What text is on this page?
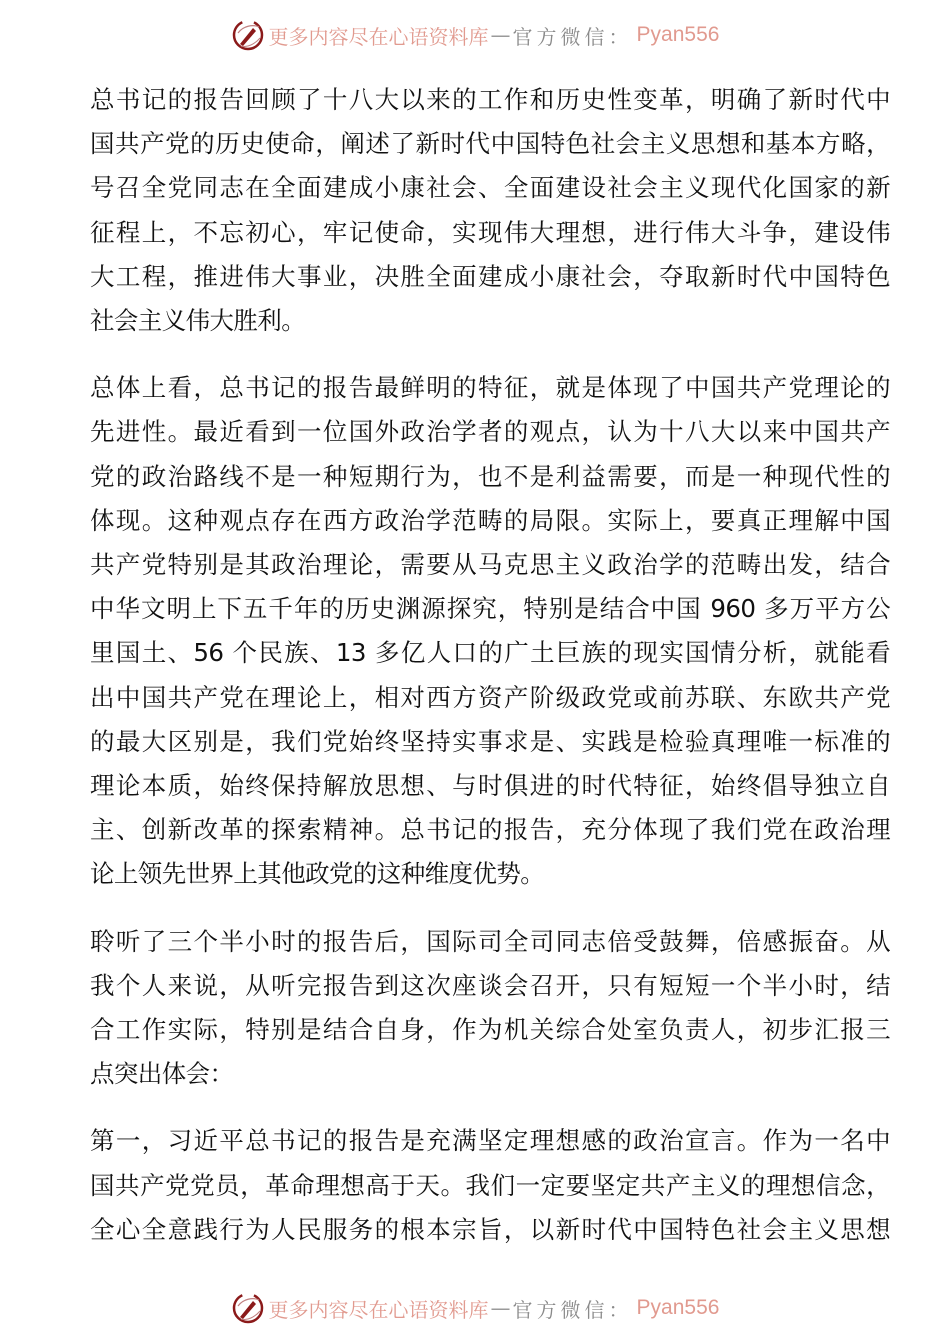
更多内容尽在心语资料库 — 官方微信： Pyan556
总书记的报告回顾了十八大以来的工作和历史性变革，明确了新时代中
国共产党的历史使命，阐述了新时代中国特色社会主义思想和基本方略，
号召全党同志在全面建成小康社会、全面建设社会主义现代化国家的新
征程上，不忘初心，牢记使命，实现伟大理想，进行伟大斗争，建设伟
大工程，推进伟大事业，决胜全面建成小康社会，夺取新时代中国特色
社会主义伟大胜利。
总体上看，总书记的报告最鲜明的特征，就是体现了中国共产党理论的
先进性。最近看到一位国外政治学者的观点，认为十八大以来中国共产
党的政治路线不是一种短期行为，也不是利益需要，而是一种现代性的
体现。这种观点存在西方政治学范畴的局限。实际上，要真正理解中国
共产党特别是其政治理论，需要从马克思主义政治学的范畴出发，结合
中华文明上下五千年的历史渊源探究，特别是结合中国 960 多万平方公
里国土、56 个民族、13 多亿人口的广土巨族的现实国情分析，就能看
出中国共产党在理论上，相对西方资产阶级政党或前苏联、东欧共产党
的最大区别是，我们党始终坚持实事求是、实践是检验真理唯一标准的
理论本质，始终保持解放思想、与时俱进的时代特征，始终倡导独立自
主、创新改革的探索精神。总书记的报告，充分体现了我们党在政治理
论上领先世界上其他政党的这种维度优势。
聆听了三个半小时的报告后，国际司全司同志倍受鼓舞，倍感振奋。从
我个人来说，从听完报告到这次座谈会召开，只有短短一个半小时，结
合工作实际，特别是结合自身，作为机关综合处室负责人，初步汇报三
点突出体会：
第一，习近平总书记的报告是充满坚定理想感的政治宣言。作为一名中
国共产党党员，革命理想高于天。我们一定要坚定共产主义的理想信念，
全心全意践行为人民服务的根本宗旨，以新时代中国特色社会主义思想
更多内容尽在心语资料库 — 官方微信： Pyan556
